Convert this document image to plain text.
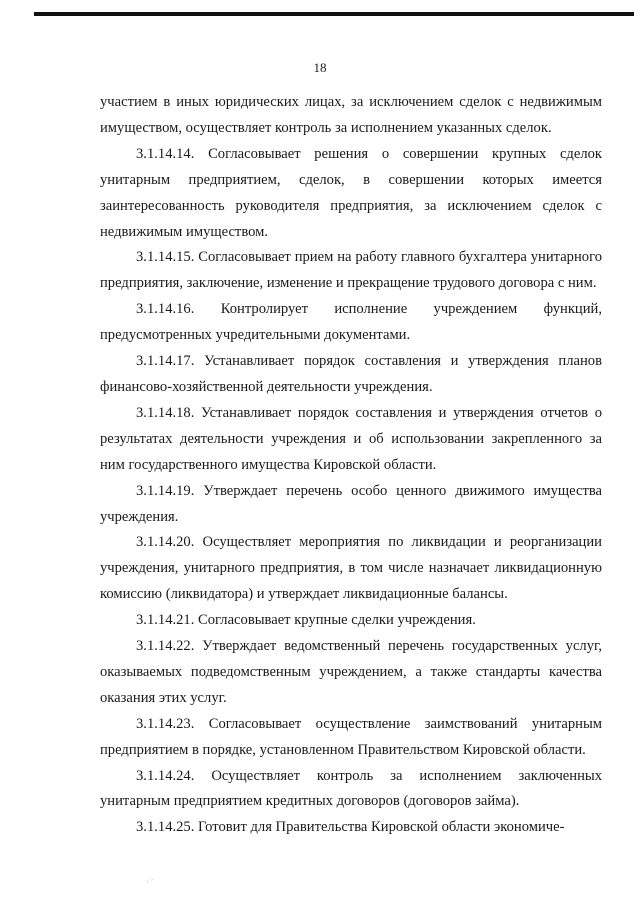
18

участием в иных юридических лицах, за исключением сделок с недвижимым имуществом, осуществляет контроль за исполнением указанных сделок.

3.1.14.14. Согласовывает решения о совершении крупных сделок унитарным предприятием, сделок, в совершении которых имеется заинтересованность руководителя предприятия, за исключением сделок с недвижимым имуществом.

3.1.14.15. Согласовывает прием на работу главного бухгалтера унитарного предприятия, заключение, изменение и прекращение трудового договора с ним.

3.1.14.16. Контролирует исполнение учреждением функций, предусмотренных учредительными документами.

3.1.14.17. Устанавливает порядок составления и утверждения планов финансово-хозяйственной деятельности учреждения.

3.1.14.18. Устанавливает порядок составления и утверждения отчетов о результатах деятельности учреждения и об использовании закрепленного за ним государственного имущества Кировской области.

3.1.14.19. Утверждает перечень особо ценного движимого имущества учреждения.

3.1.14.20. Осуществляет мероприятия по ликвидации и реорганизации учреждения, унитарного предприятия, в том числе назначает ликвидационную комиссию (ликвидатора) и утверждает ликвидационные балансы.

3.1.14.21. Согласовывает крупные сделки учреждения.

3.1.14.22. Утверждает ведомственный перечень государственных услуг, оказываемых подведомственным учреждением, а также стандарты качества оказания этих услуг.

3.1.14.23. Согласовывает осуществление заимствований унитарным предприятием в порядке, установленном Правительством Кировской области.

3.1.14.24. Осуществляет контроль за исполнением заключенных унитарным предприятием кредитных договоров (договоров займа).

3.1.14.25. Готовит для Правительства Кировской области экономиче-

· ´
